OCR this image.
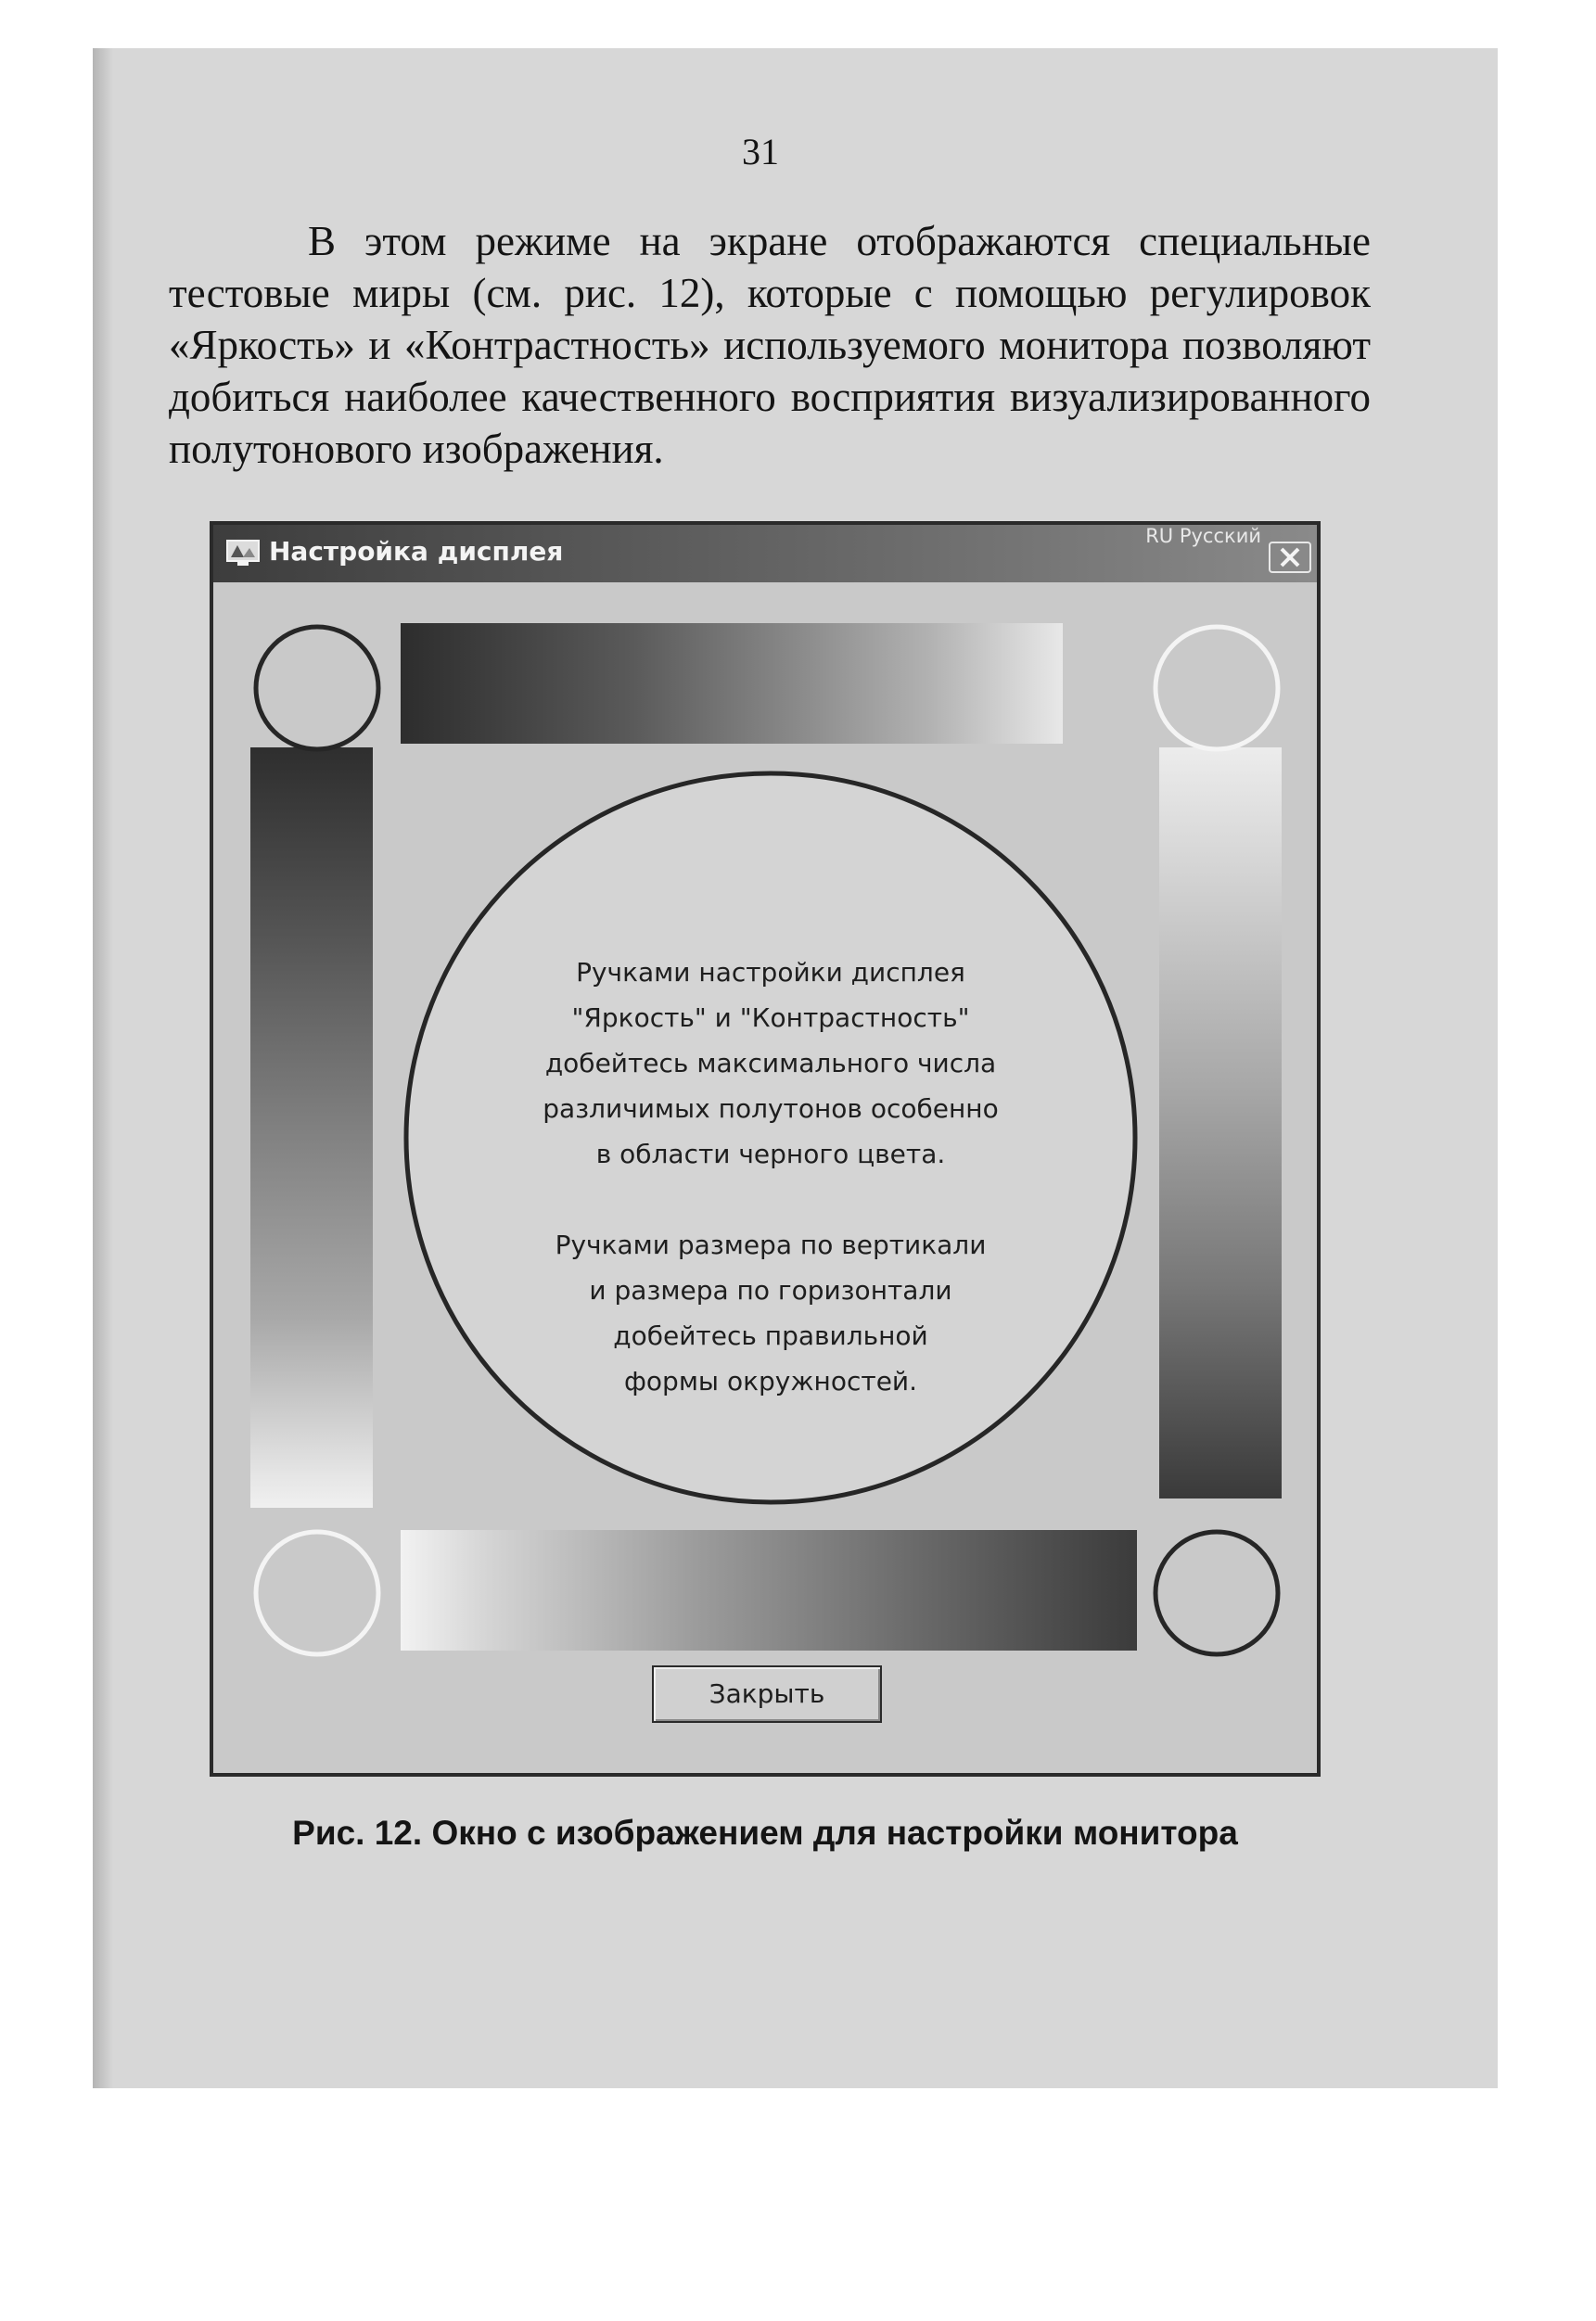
31
В этом режиме на экране отображаются специальные тестовые миры (см. рис. 12), которые с помощью регулировок «Яркость» и «Контрастность» используемого монитора позволяют добиться наиболее качественного восприятия визуализированного полутонового изображения.
Настройка дисплея	RU Русский
Ручками настройки дисплея
"Яркость" и "Контрастность"
добейтесь максимального числа
различимых полутонов особенно
в области черного цвета.
Ручками размера по вертикали
и размера по горизонтали
добейтесь правильной
формы окружностей.
Закрыть
Рис. 12. Окно с изображением для настройки монитора
